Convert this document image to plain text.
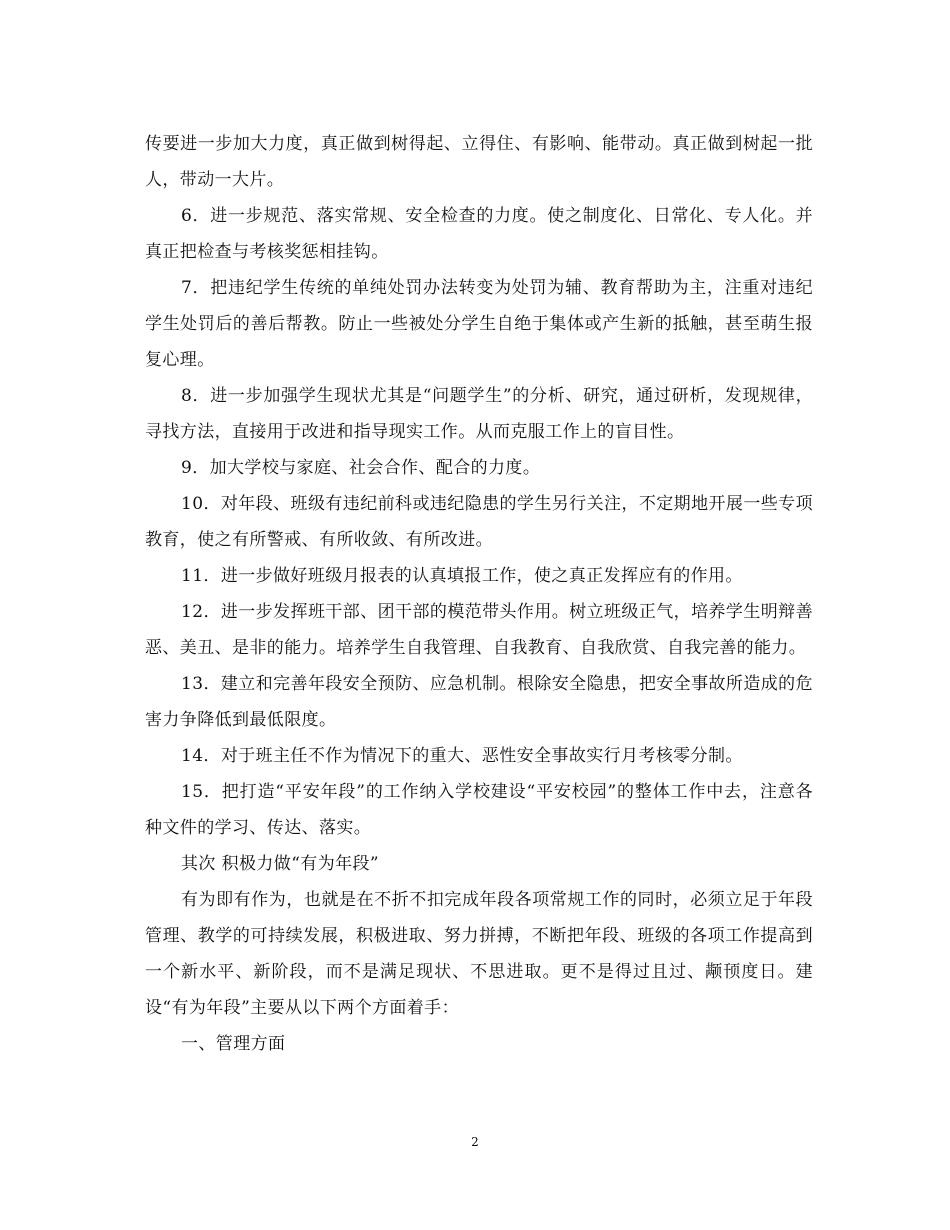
传要进一步加大力度，真正做到树得起、立得住、有影响、能带动。真正做到树起一批人，带动一大片。

6．进一步规范、落实常规、安全检查的力度。使之制度化、日常化、专人化。并真正把检查与考核奖惩相挂钩。

7．把违纪学生传统的单纯处罚办法转变为处罚为辅、教育帮助为主，注重对违纪学生处罚后的善后帮教。防止一些被处分学生自绝于集体或产生新的抵触，甚至萌生报复心理。

8．进一步加强学生现状尤其是“问题学生”的分析、研究，通过研析，发现规律，寻找方法，直接用于改进和指导现实工作。从而克服工作上的盲目性。

9．加大学校与家庭、社会合作、配合的力度。

10．对年段、班级有违纪前科或违纪隐患的学生另行关注，不定期地开展一些专项教育，使之有所警戒、有所收敛、有所改进。

11．进一步做好班级月报表的认真填报工作，使之真正发挥应有的作用。

12．进一步发挥班干部、团干部的模范带头作用。树立班级正气，培养学生明辩善恶、美丑、是非的能力。培养学生自我管理、自我教育、自我欣赏、自我完善的能力。

13．建立和完善年段安全预防、应急机制。根除安全隐患，把安全事故所造成的危害力争降低到最低限度。

14．对于班主任不作为情况下的重大、恶性安全事故实行月考核零分制。

15．把打造“平安年段”的工作纳入学校建设“平安校园”的整体工作中去，注意各种文件的学习、传达、落实。

其次 积极力做“有为年段”

有为即有作为，也就是在不折不扣完成年段各项常规工作的同时，必须立足于年段管理、教学的可持续发展，积极进取、努力拼搏，不断把年段、班级的各项工作提高到一个新水平、新阶段，而不是满足现状、不思进取。更不是得过且过、颟顸度日。建设“有为年段”主要从以下两个方面着手：

一、管理方面

2
